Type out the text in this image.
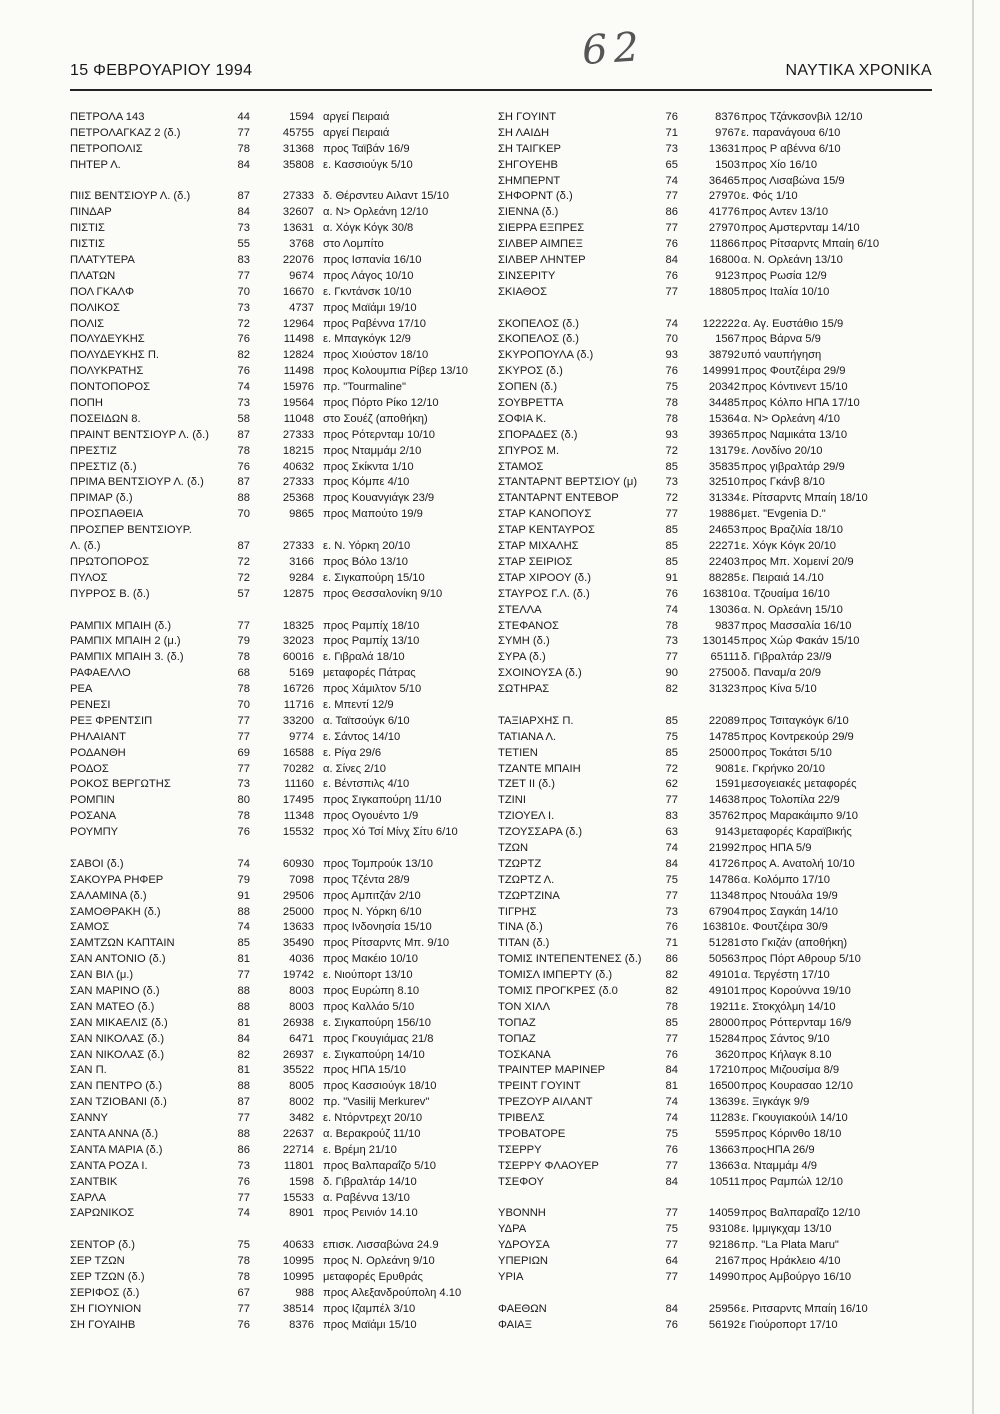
15 ΦΕΒΡΟΥΑΡΙΟΥ 1994	ΝΑΥΤΙΚΑ ΧΡΟΝΙΚΑ
62
ΠΕΤΡΟΛΑ 143	44	1594 αργεί Πειραιά
ΠΕΤΡΟΛΑΓΚΑΖ 2 (δ.)	77	45755 αργεί Πειραιά
ΠΕΤΡΟΠΟΛΙΣ	78	31368 προς Ταϊβάν 16/9
ΠΗΤΕΡ Λ.	84	35808 ε. Κασσιούγκ 5/10
ΠΙΙΣ ΒΕΝΤΣΙΟΥΡ Λ. (δ.)	87	27333 δ. Θέρσντευ Αιλαντ 15/10
ΠΙΝΔΑΡ	84	32607 α. Ν> Ορλεάνη 12/10
ΠΙΣΤΙΣ	73	13631 α. Χόγκ Κόγκ 30/8
ΠΙΣΤΙΣ	55	3768 στο Λομπίτο
ΠΛΑΤΥΤΕΡΑ	83	22076 προς Ισπανία 16/10
ΠΛΑΤΩΝ	77	9674 προς Λάγος 10/10
ΠΟΛ ΓΚΑΛΦ	70	16670 ε. Γκντάνσκ 10/10
ΠΟΛΙΚΟΣ	73	4737 προς Μαϊάμι 19/10
ΠΟΛΙΣ	72	12964 προς Ραβέννα 17/10
ΠΟΛΥΔΕΥΚΗΣ	76	11498 ε. Μπαγκόγκ 12/9
ΠΟΛΥΔΕΥΚΗΣ Π.	82	12824 προς Χιούστον 18/10
ΠΟΛΥΚΡΑΤΗΣ	76	11498 προς Κολουμπια Ρίβερ 13/10
ΠΟΝΤΟΠΟΡΟΣ	74	15976 πρ. "Tourmaline"
ΠΟΠΗ	73	19564 προς Πόρτο Ρίκο 12/10
ΠΟΣΕΙΔΩΝ 8.	58	11048 στο Σουέζ (αποθήκη)
ΠΡΑΙΝΤ ΒΕΝΤΣΙΟΥΡ Λ. (δ.)	87	27333 προς Ρότερνταμ 10/10
ΠΡΕΣΤΙΖ	78	18215 προς Νταμμάμ 2/10
ΠΡΕΣΤΙΖ (δ.)	76	40632 προς Σκίκντα 1/10
ΠΡΙΜΑ ΒΕΝΤΣΙΟΥΡ Λ. (δ.)	87	27333 προς Κόμπε 4/10
ΠΡΙΜΑΡ (δ.)	88	25368 προς Κουανγιάγκ 23/9
ΠΡΟΣΠΑΘΕΙΑ	70	9865 προς Μαπούτο 19/9
ΠΡΟΣΠΕΡ ΒΕΝΤΣΙΟΥΡ.
Λ. (δ.)	87	27333 ε. Ν. Υόρκη 20/10
ΠΡΩΤΟΠΟΡΟΣ	72	3166 προς Βόλο 13/10
ΠΥΛΟΣ	72	9284 ε. Σιγκαπούρη 15/10
ΠΥΡΡΟΣ Β. (δ.)	57	12875 προς Θεσσαλονίκη 9/10
ΡΑΜΠΙΧ ΜΠΑΙΗ (δ.)	77	18325 προς Ραμπίχ 18/10
ΡΑΜΠΙΧ ΜΠΑΙΗ 2 (μ.)	79	32023 προς Ραμπίχ 13/10
ΡΑΜΠΙΧ ΜΠΑΙΗ 3. (δ.)	78	60016 ε. Γιβραλά 18/10
ΡΑΦΑΕΛΛΟ	68	5169 μεταφορές Πάτρας
ΡΕΑ	78	16726 προς Χάμιλτον 5/10
ΡΕΝΕΣΙ	70	11716 ε. Μπεντί 12/9
ΡΕΞ ΦΡΕΝΤΣΙΠ	77	33200 α. Ταϊτσούγκ 6/10
ΡΗΛΑΙΑΝΤ	77	9774 ε. Σάντος 14/10
ΡΟΔΑΝΘΗ	69	16588 ε. Ρίγα 29/6
ΡΟΔΟΣ	77	70282 α. Σίνες 2/10
ΡΟΚΟΣ ΒΕΡΓΩΤΗΣ	73	11160 ε. Βέντσπιλς 4/10
ΡΟΜΠΙΝ	80	17495 προς Σιγκαπούρη 11/10
ΡΟΣΑΝΑ	78	11348 προς Ογουέντο 1/9
ΡΟΥΜΠΥ	76	15532 προς Χό Τσί Μίνχ Σίτυ 6/10
ΣΑΒΟΙ (δ.)	74	60930 προς Τομπρούκ 13/10
ΣΑΚΟΥΡΑ ΡΗΦΕΡ	79	7098 προς Τζέντα 28/9
ΣΑΛΑΜΙΝΑ (δ.)	91	29506 προς Αμπιτζάν 2/10
ΣΑΜΟΘΡΑΚΗ (δ.)	88	25000 προς Ν. Υόρκη 6/10
ΣΑΜΟΣ	74	13633 προς Ινδονησία 15/10
ΣΑΜΤΖΩΝ ΚΑΠΤΑΙΝ	85	35490 προς Ρίτσαρντς Μπ. 9/10
ΣΑΝ ΑΝΤΟΝΙΟ (δ.)	81	4036 προς Μακέιο 10/10
ΣΑΝ ΒΙΛ (μ.)	77	19742 ε. Νιούπορτ 13/10
ΣΑΝ ΜΑΡΙΝΟ (δ.)	88	8003 προς Ευρώπη 8.10
ΣΑΝ ΜΑΤΕΟ (δ.)	88	8003 προς Καλλάο 5/10
ΣΑΝ ΜΙΚΑΕΛΙΣ (δ.)	81	26938 ε. Σιγκαπούρη 156/10
ΣΑΝ ΝΙΚΟΛΑΣ (δ.)	84	6471 προς Γκουγιάμας 21/8
ΣΑΝ ΝΙΚΟΛΑΣ (δ.)	82	26937 ε. Σιγκαπούρη 14/10
ΣΑΝ Π.	81	35522 προς ΗΠΑ 15/10
ΣΑΝ ΠΕΝΤΡΟ (δ.)	88	8005 προς Κασσιούγκ 18/10
ΣΑΝ ΤΖΙΟΒΑΝΙ (δ.)	87	8002 πρ. "Vasilij Merkurev"
ΣΑΝΝΥ	77	3482 ε. Ντόρντρεχτ 20/10
ΣΑΝΤΑ ΑΝΝΑ (δ.)	88	22637 α. Βερακρούζ 11/10
ΣΑΝΤΑ ΜΑΡΙΑ (δ.)	86	22714 ε. Βρέμη 21/10
ΣΑΝΤΑ ΡΟΖΑ Ι.	73	11801 προς Βαλπαραΐζο 5/10
ΣΑΝΤΒΙΚ	76	1598 δ. Γιβραλτάρ 14/10
ΣΑΡΛΑ	77	15533 α. Ραβέννα 13/10
ΣΑΡΩΝΙΚΟΣ	74	8901 προς Ρεινιόν 14.10
ΣΕΝΤΟΡ (δ.)	75	40633 επισκ. Λισσαβώνα 24.9
ΣΕΡ ΤΖΩΝ	78	10995 προς Ν. Ορλεάνη 9/10
ΣΕΡ ΤΖΩΝ (δ.)	78	10995 μεταφορές Ερυθράς
ΣΕΡΙΦΟΣ (δ.)	67	988 προς Αλεξανδρούπολη 4.10
ΣΗ ΓΙΟΥΝΙΟΝ	77	38514 προς Ιζαμπέλ 3/10
ΣΗ ΓΟΥΑΙΗΒ	76	8376 προς Μαϊάμι 15/10
ΣΗ ΓΟΥΙΝΤ	76	8376 προς Τζάνκσονβιλ 12/10
ΣΗ ΛΑΙΔΗ	71	9767 ε. παρανάγουα 6/10
ΣΗ ΤΑΙΓΚΕΡ	73	13631 προς Ρ αβέννα 6/10
ΣΗΓΟΥΕΗΒ	65	1503 προς Χίο 16/10
ΣΗΜΠΕΡΝΤ	74	36465 προς Λισαβώνα 15/9
ΣΗΦΟΡΝΤ (δ.)	77	27970 ε. Φός 1/10
ΣΙΕΝΝΑ (δ.)	86	41776 προς Αντεν 13/10
ΣΙΕΡΡΑ ΕΞΠΡΕΣ	77	27970 προς Αμστερνταμ 14/10
ΣΙΛΒΕΡ ΑΙΜΠΕΞ	76	11866 προς Ρίτσαρντς Μπαίη 6/10
ΣΙΛΒΕΡ ΛΗΝΤΕΡ	84	16800 α. Ν. Ορλεάνη 13/10
ΣΙΝΣΕΡΙΤΥ	76	9123 προς Ρωσία 12/9
ΣΚΙΑΘΟΣ	77	18805 προς Ιταλία 10/10
ΣΚΟΠΕΛΟΣ (δ.)	74	122222 α. Αγ. Ευστάθιο 15/9
ΣΚΟΠΕΛΟΣ (δ.)	70	1567 προς Βάρνα 5/9
ΣΚΥΡΟΠΟΥΛΑ (δ.)	93	38792 υπό ναυπήγηση
ΣΚΥΡΟΣ (δ.)	76	149991 προς Φουτζέιρα 29/9
ΣΟΠΕΝ (δ.)	75	20342 προς Κόντινεντ 15/10
ΣΟΥΒΡΕΤΤΑ	78	34485 προς Κόλπο ΗΠΑ 17/10
ΣΟΦΙΑ Κ.	78	15364 α. Ν> Ορλεάνη 4/10
ΣΠΟΡΑΔΕΣ (δ.)	93	39365 προς Ναμικάτα 13/10
ΣΠΥΡΟΣ Μ.	72	13179 ε. Λονδίνο 20/10
ΣΤΑΜΟΣ	85	35835 προς γιβραλτάρ 29/9
ΣΤΑΝΤΑΡΝΤ ΒΕΡΤΣΙΟΥ (μ)	73	32510 προς Γκάνβ 8/10
ΣΤΑΝΤΑΡΝΤ ΕΝΤΕΒΟΡ	72	31334 ε. Ρίτσαρντς Μπαίη 18/10
ΣΤΑΡ ΚΑΝΟΠΟΥΣ	77	19886 μετ. "Evgenia D."
ΣΤΑΡ ΚΕΝΤΑΥΡΟΣ	85	24653 προς Βραζιλία 18/10
ΣΤΑΡ ΜΙΧΑΛΗΣ	85	22271 ε. Χόγκ Κόγκ 20/10
ΣΤΑΡ ΣΕΙΡΙΟΣ	85	22403 προς Μπ. Χομεινί 20/9
ΣΤΑΡ ΧΙΡΟΟΥ (δ.)	91	88285 ε. Πειραιά 14./10
ΣΤΑΥΡΟΣ Γ.Λ. (δ.)	76	163810 α. Τζουαίμα 16/10
ΣΤΕΛΛΑ	74	13036 α. Ν. Ορλεάνη 15/10
ΣΤΕΦΑΝΟΣ	78	9837 προς Μασσαλία 16/10
ΣΥΜΗ (δ.)	73	130145 προς Χώρ Φακάν 15/10
ΣΥΡΑ (δ.)	77	65111 δ. Γιβραλτάρ 23//9
ΣΧΟΙΝΟΥΣΑ (δ.)	90	27500 δ. Παναμ/α 20/9
ΣΩΤΗΡΑΣ	82	31323 προς Κίνα 5/10
ΤΑΞΙΑΡΧΗΣ Π.	85	22089 προς Τσιταγκόγκ 6/10
ΤΑΤΙΑΝΑ Λ.	75	14785 προς Κοντρεκούρ 29/9
ΤΕΤΙΕΝ	85	25000 προς Τοκάτσι 5/10
ΤΖΑΝΤΕ ΜΠΑΙΗ	72	9081 ε. Γκρήνκο 20/10
ΤΖΕΤ ΙΙ (δ.)	62	1591 μεσογειακές μεταφορές
ΤΖΙΝΙ	77	14638 προς Τολοπίλα 22/9
ΤΖΙΟΥΕΛ Ι.	83	35762 προς Μαρακάιμπο 9/10
ΤΖΟΥΣΣΑΡΑ (δ.)	63	9143 μεταφορές Καραϊβικής
ΤΖΩΝ	74	21992 προς ΗΠΑ 5/9
ΤΖΩΡΤΖ	84	41726 προς Α. Ανατολή 10/10
ΤΖΩΡΤΖ Λ.	75	14786 α. Κολόμπο 17/10
ΤΖΩΡΤΖΙΝΑ	77	11348 προς Ντουάλα 19/9
ΤΙΓΡΗΣ	73	67904 προς Σαγκάη 14/10
ΤΙΝΑ (δ.)	76	163810 ε. Φουτζέιρα 30/9
ΤΙΤΑΝ (δ.)	71	51281 στο Γκιζάν (αποθήκη)
ΤΟΜΙΣ ΙΝΤΕΠΕΝΤΕΝΕΣ (δ.)	86	50563 προς Πόρτ Αθρουρ 5/10
ΤΟΜΙΣΛ ΙΜΠΕΡΤΥ (δ.)	82	49101 α. Τεργέστη 17/10
ΤΟΜΙΣ ΠΡΟΓΚΡΕΣ (δ.0	82	49101 προς Κορούννα 19/10
ΤΟΝ ΧΙΛΛ	78	19211 ε. Στοκχόλμη 14/10
ΤΟΠΑΖ	85	28000 προς Ρόττερνταμ 16/9
ΤΟΠΑΖ	77	15284 προς Σάντος 9/10
ΤΟΣΚΑΝΑ	76	3620 προς Κήλαγκ 8.10
ΤΡΑΙΝΤΕΡ ΜΑΡΙΝΕΡ	84	17210 προς Μιζουσίμα 8/9
ΤΡΕΙΝΤ ΓΟΥΙΝΤ	81	16500 προς Κουρασαο 12/10
ΤΡΕΖΟΥΡ ΑΙΛΑΝΤ	74	13639 ε. Ξιγκάγκ 9/9
ΤΡΙΒΕΛΣ	74	11283 ε. Γκουγιακούιλ 14/10
ΤΡΟΒΑΤΟΡΕ	75	5595 προς Κόρινθο 18/10
ΤΣΕΡΡΥ	76	13663 προςΗΠΑ 26/9
ΤΣΕΡΡΥ ΦΛΑΟΥΕΡ	77	13663 α. Νταμμάμ 4/9
ΤΣΕΦΟΥ	84	10511 προς Ραμπώλ 12/10
ΥΒΟΝΝΗ	77	14059 προς Βαλπαραΐζο 12/10
ΥΔΡΑ	75	93108 ε. Ιμμιγκχαμ 13/10
ΥΔΡΟΥΣΑ	77	92186 πρ. "La Plata Maru"
ΥΠΕΡΙΩΝ	64	2167 προς Ηράκλειο 4/10
ΥΡΙΑ	77	14990 προς Αμβούργο 16/10
ΦΑΕΘΩΝ	84	25956 ε. Ριτσαρντς Μπαίη 16/10
ΦΑΙΑΞ	76	56192 ε Γιούροπορτ 17/10
